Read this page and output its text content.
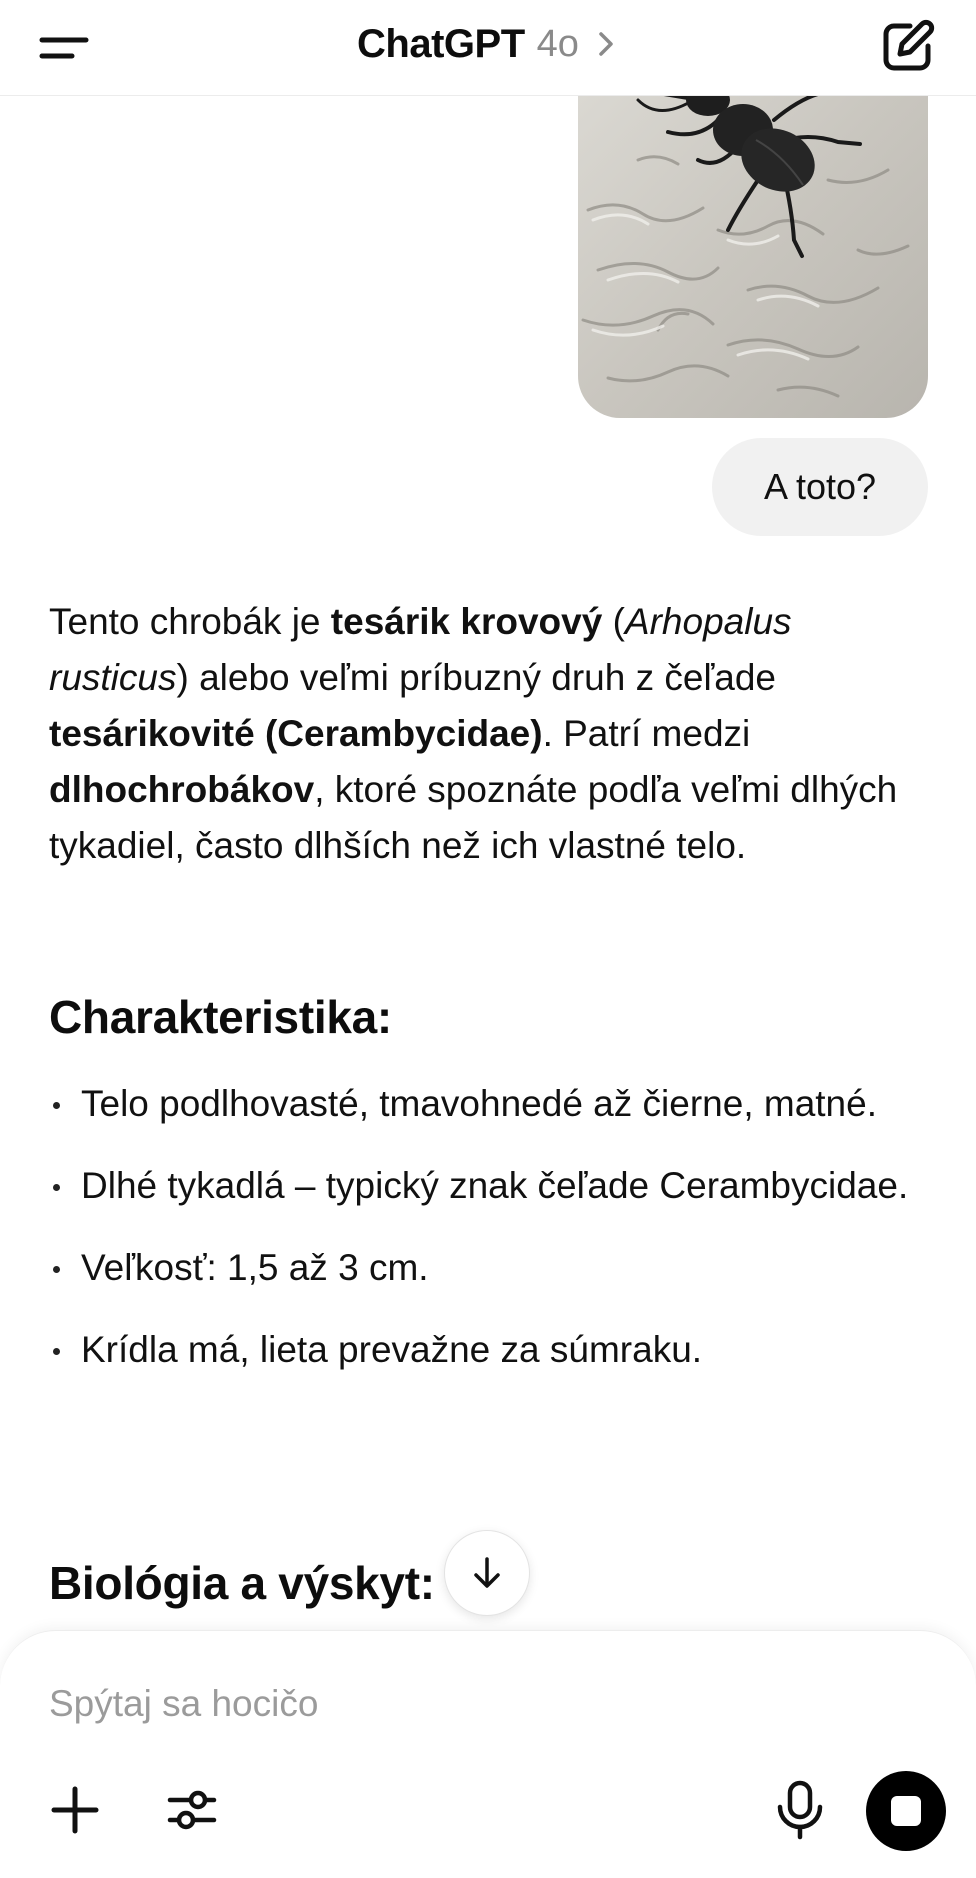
ChatGPT 4o
A toto?

Tento chrobák je tesárik krovový (Arhopalus rusticus) alebo veľmi príbuzný druh z čeľade tesárikovité (Cerambycidae). Patrí medzi dlhochrobákov, ktoré spoznáte podľa veľmi dlhých tykadiel, často dlhších než ich vlastné telo.

Charakteristika:
Telo podlhovasté, tmavohnedé až čierne, matné.
Dlhé tykadlá – typický znak čeľade Cerambycidae.
Veľkosť: 1,5 až 3 cm.
Krídla má, lieta prevažne za súmraku.
Biológia a výskyt:
Spýtaj sa hocičo
